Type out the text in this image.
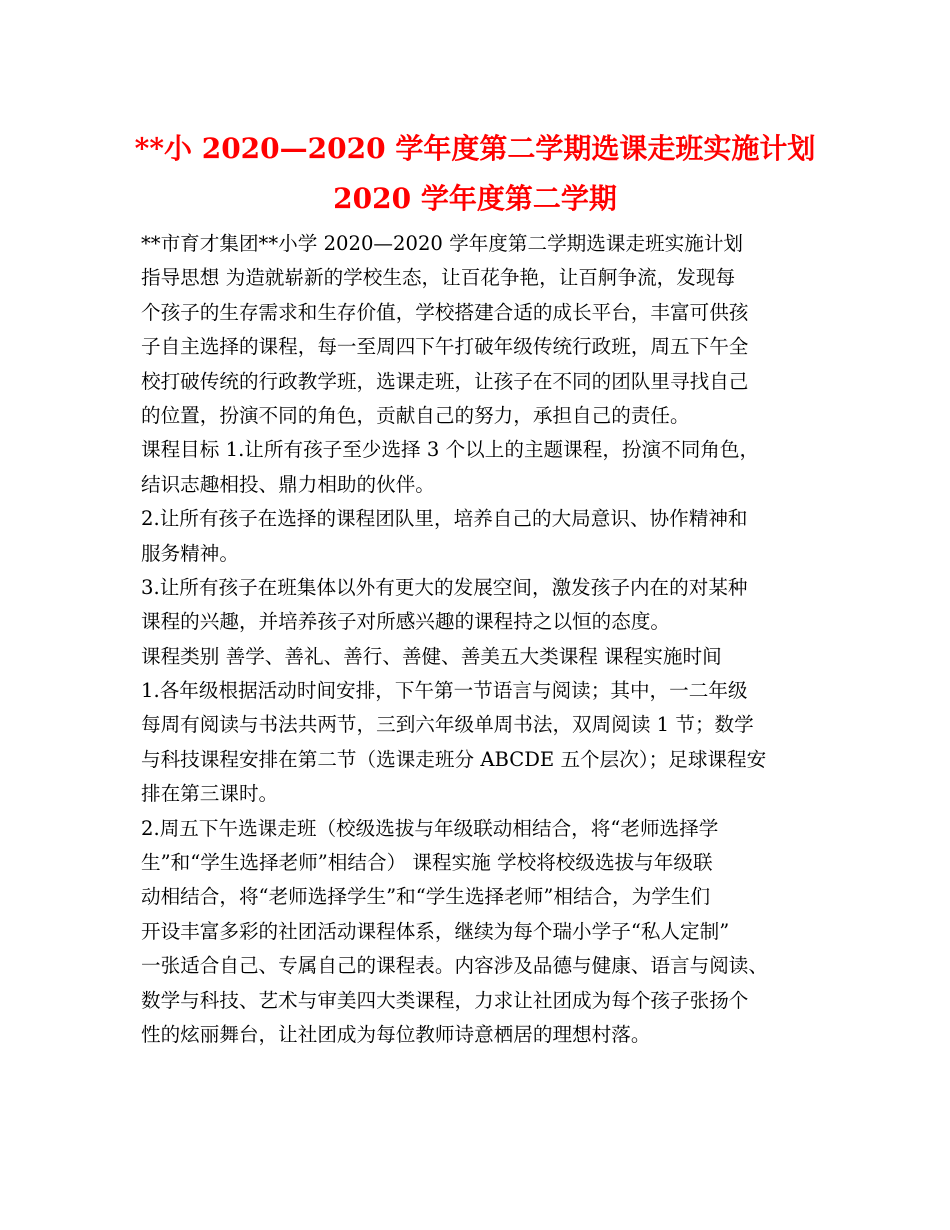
**小 2020—2020 学年度第二学期选课走班实施计划
2020 学年度第二学期
**市育才集团**小学 2020—2020 学年度第二学期选课走班实施计划
指导思想 为造就崭新的学校生态，让百花争艳，让百舸争流，发现每
个孩子的生存需求和生存价值，学校搭建合适的成长平台，丰富可供孩
子自主选择的课程，每一至周四下午打破年级传统行政班，周五下午全
校打破传统的行政教学班，选课走班，让孩子在不同的团队里寻找自己
的位置，扮演不同的角色，贡献自己的努力，承担自己的责任。
课程目标 1.让所有孩子至少选择 3 个以上的主题课程，扮演不同角色，
结识志趣相投、鼎力相助的伙伴。
2.让所有孩子在选择的课程团队里，培养自己的大局意识、协作精神和
服务精神。
3.让所有孩子在班集体以外有更大的发展空间，激发孩子内在的对某种
课程的兴趣，并培养孩子对所感兴趣的课程持之以恒的态度。
课程类别 善学、善礼、善行、善健、善美五大类课程 课程实施时间
1.各年级根据活动时间安排，下午第一节语言与阅读；其中，一二年级
每周有阅读与书法共两节，三到六年级单周书法，双周阅读 1 节；数学
与科技课程安排在第二节（选课走班分 ABCDE 五个层次）；足球课程安
排在第三课时。
2.周五下午选课走班（校级选拔与年级联动相结合，将“老师选择学
生”和“学生选择老师”相结合） 课程实施 学校将校级选拔与年级联
动相结合，将“老师选择学生”和“学生选择老师”相结合，为学生们
开设丰富多彩的社团活动课程体系，继续为每个瑞小学子“私人定制”
一张适合自己、专属自己的课程表。内容涉及品德与健康、语言与阅读、
数学与科技、艺术与审美四大类课程，力求让社团成为每个孩子张扬个
性的炫丽舞台，让社团成为每位教师诗意栖居的理想村落。
